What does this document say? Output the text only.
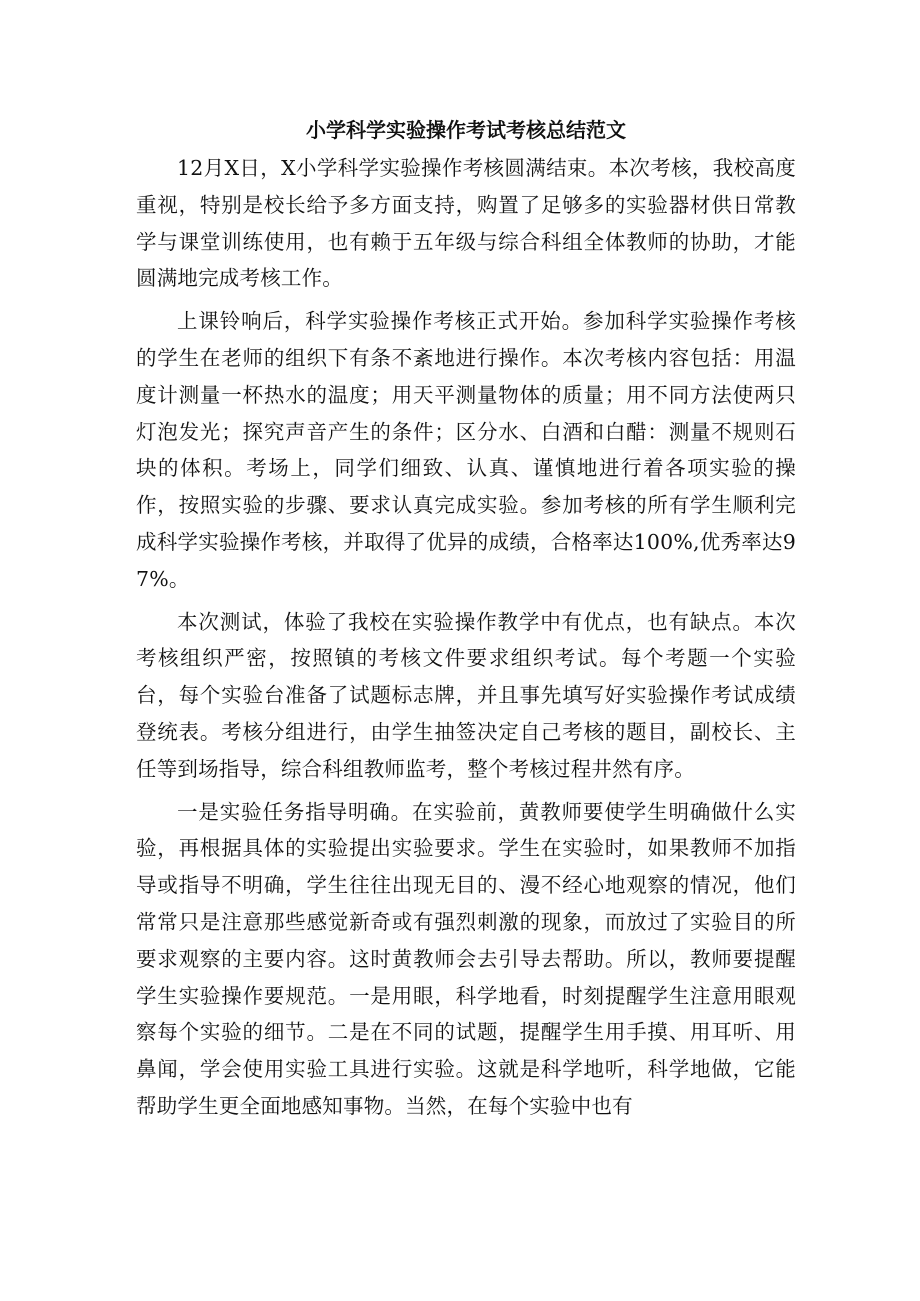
小学科学实验操作考试考核总结范文

12月X日，X小学科学实验操作考核圆满结束。本次考核，我校高度重视，特别是校长给予多方面支持，购置了足够多的实验器材供日常教学与课堂训练使用，也有赖于五年级与综合科组全体教师的协助，才能圆满地完成考核工作。

上课铃响后，科学实验操作考核正式开始。参加科学实验操作考核的学生在老师的组织下有条不紊地进行操作。本次考核内容包括：用温度计测量一杯热水的温度；用天平测量物体的质量；用不同方法使两只灯泡发光；探究声音产生的条件；区分水、白酒和白醋：测量不规则石块的体积。考场上，同学们细致、认真、谨慎地进行着各项实验的操作，按照实验的步骤、要求认真完成实验。参加考核的所有学生顺利完成科学实验操作考核，并取得了优异的成绩，合格率达100%,优秀率达97%。

本次测试，体验了我校在实验操作教学中有优点，也有缺点。本次考核组织严密，按照镇的考核文件要求组织考试。每个考题一个实验台，每个实验台准备了试题标志牌，并且事先填写好实验操作考试成绩登统表。考核分组进行，由学生抽签决定自己考核的题目，副校长、主任等到场指导，综合科组教师监考，整个考核过程井然有序。

一是实验任务指导明确。在实验前，黄教师要使学生明确做什么实验，再根据具体的实验提出实验要求。学生在实验时，如果教师不加指导或指导不明确，学生往往出现无目的、漫不经心地观察的情况，他们常常只是注意那些感觉新奇或有强烈刺激的现象，而放过了实验目的所要求观察的主要内容。这时黄教师会去引导去帮助。所以，教师要提醒学生实验操作要规范。一是用眼，科学地看，时刻提醒学生注意用眼观察每个实验的细节。二是在不同的试题，提醒学生用手摸、用耳听、用鼻闻，学会使用实验工具进行实验。这就是科学地听，科学地做，它能帮助学生更全面地感知事物。当然，在每个实验中也有
